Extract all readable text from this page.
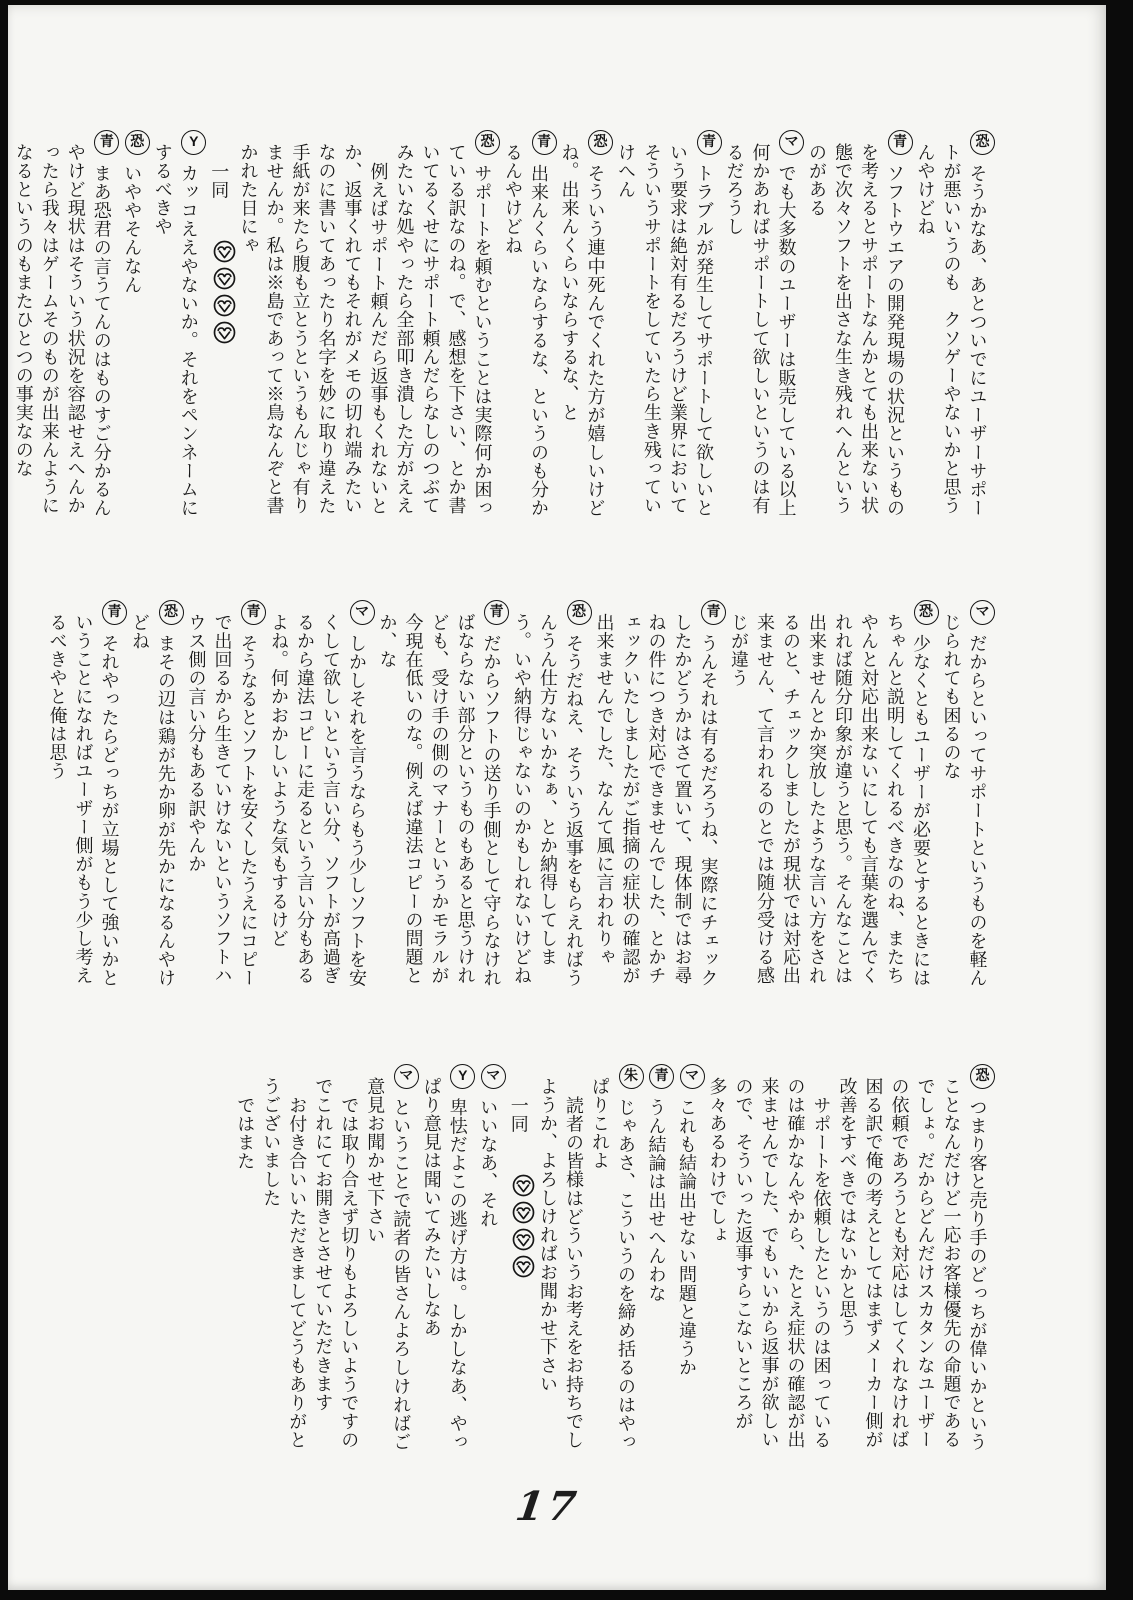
恐
そうかなあ、あとついでにユーザーサポートが悪いいうのも　クソゲーやないかと思うんやけどね

青
ソフトウエアの開発現場の状況というものを考えるとサポートなんかとても出来ない状態で次々ソフトを出さな生き残れへんというのがある

マ
でも大多数のユーザーは販売している以上何かあればサポートして欲しいというのは有るだろうし

青
トラブルが発生してサポートして欲しいという要求は絶対有るだろうけど業界においてそういうサポートをしていたら生き残っていけへん

恐
そういう連中死んでくれた方が嬉しいけどね。出来んくらいならするな、と

青
出来んくらいならするな、というのも分かるんやけどね

恐
サポートを頼むということは実際何か困っている訳なのね。で、感想を下さい、とか書いてるくせにサポート頼んだらなしのつぶてみたいな処やったら全部叩き潰した方がええ

例えばサポート頼んだら返事もくれないとか、返事くれてもそれがメモの切れ端みたいなのに書いてあったり名字を妙に取り違えた手紙が来たら腹も立とうというもんじゃ有りませんか。私は※島であって※鳥なんぞと書かれた日にゃ

一同

Y
カッコええやないか。それをペンネームにするべきや

恐
いややそんなん

青
まあ恐君の言うてんのはものすご分かるんやけど現状はそういう状況を容認せえへんかったら我々はゲームそのものが出来んようになるというのもまたひとつの事実なのな

マ
だからといってサポートというものを軽んじられても困るのな

恐
少なくともユーザーが必要とするときにはちゃんと説明してくれるべきなのね、またちやんと対応出来ないにしても言葉を選んでくれれば随分印象が違うと思う。そんなことは出来ませんとか突放したような言い方をされるのと、チェックしましたが現状では対応出来ません、て言われるのとでは随分受ける感じが違う

青
うんそれは有るだろうね、実際にチェックしたかどうかはさて置いて、現体制ではお尋ねの件につき対応できませんでした、とかチェックいたしましたがご指摘の症状の確認が出来ませんでした、なんて風に言われりゃ

恐
そうだねえ、そういう返事をもらえればうんうん仕方ないかなぁ、とか納得してしまう。いや納得じゃないのかもしれないけどね

青
だからソフトの送り手側として守らなければならない部分というものもあると思うけれども、受け手の側のマナーというかモラルが今現在低いのな。例えば違法コピーの問題とか、な

マ
しかしそれを言うならもう少しソフトを安くして欲しいという言い分、ソフトが高過ぎるから違法コピーに走るという言い分もあるよね。何かおかしいような気もするけど

青
そうなるとソフトを安くしたうえにコピーで出回るから生きていけないというソフトハウス側の言い分もある訳やんか

恐
まその辺は鶏が先か卵が先かになるんやけどね

青
それやったらどっちが立場として強いかということになればユーザー側がもう少し考えるべきやと俺は思う

恐
つまり客と売り手のどっちが偉いかということなんだけど一応お客様優先の命題であるでしょ。だからどんだけスカタンなユーザーの依頼であろうとも対応はしてくれなければ困る訳で俺の考えとしてはまずメーカー側が改善をすべきではないかと思う

サポートを依頼したというのは困っているのは確かなんやから、たとえ症状の確認が出来ませんでした、でもいいから返事が欲しいので、そういった返事すらこないところが多々あるわけでしょ

マ
これも結論出せない問題と違うか

青
うん結論は出せへんわな

朱
じゃあさ、こういうのを締め括るのはやっぱりこれよ

読者の皆様はどういうお考えをお持ちでしようか、よろしければお聞かせ下さい

一同

マ
いいなあ、それ

Y
卑怯だよこの逃げ方は。しかしなあ、やっぱり意見は聞いてみたいしなあ

マ
ということで読者の皆さんよろしければご意見お聞かせ下さい

では取り合えず切りもよろしいようですのでこれにてお開きとさせていただきます

お付き合いいただきましてどうもありがとうございました

ではまた

17
